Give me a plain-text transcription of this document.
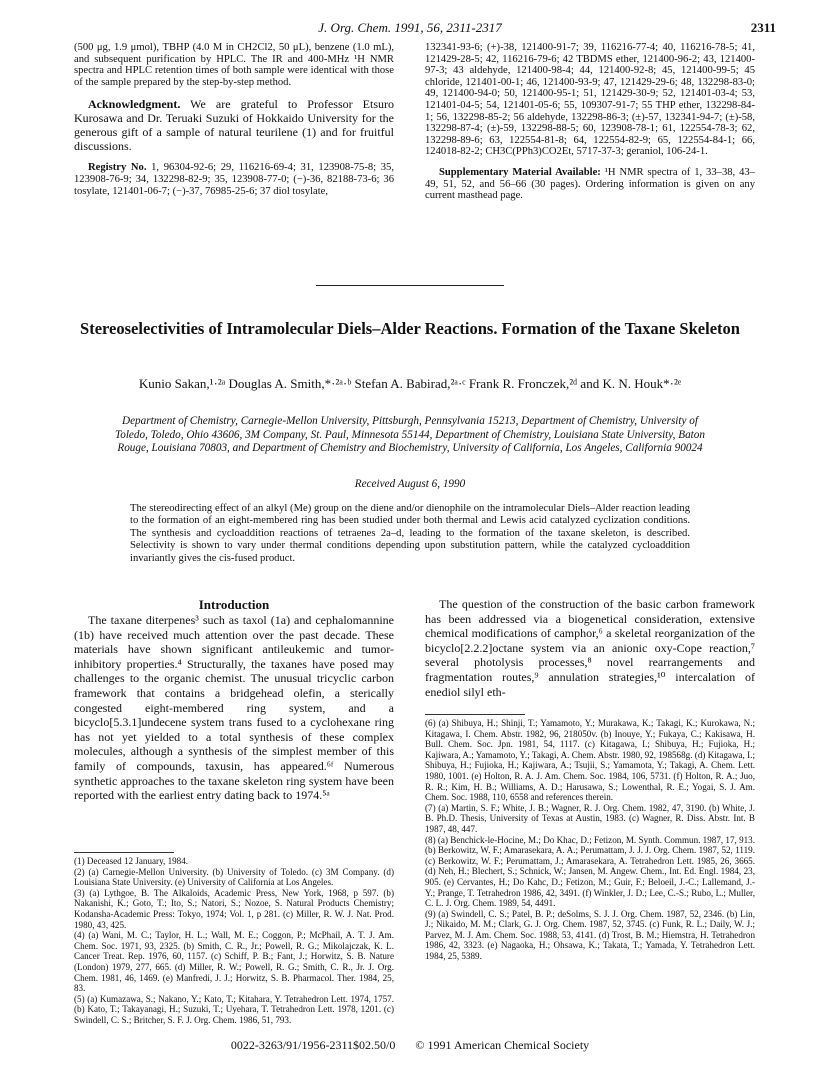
J. Org. Chem. 1991, 56, 2311-2317	2311

(500 μg, 1.9 μmol), TBHP (4.0 M in CH2Cl2, 50 μL), benzene (1.0 mL), and subsequent purification by HPLC. The IR and 400-MHz ¹H NMR spectra and HPLC retention times of both sample were identical with those of the sample prepared by the step-by-step method.

Acknowledgment. We are grateful to Professor Etsuro Kurosawa and Dr. Teruaki Suzuki of Hokkaido University for the generous gift of a sample of natural teurilene (1) and for fruitful discussions.

Registry No. 1, 96304-92-6; 29, 116216-69-4; 31, 123908-75-8; 35, 123908-76-9; 34, 132298-82-9; 35, 123908-77-0; (−)-36, 82188-73-6; 36 tosylate, 121401-06-7; (−)-37, 76985-25-6; 37 diol tosylate,

132341-93-6; (+)-38, 121400-91-7; 39, 116216-77-4; 40, 116216-78-5; 41, 121429-28-5; 42, 116216-79-6; 42 TBDMS ether, 121400-96-2; 43, 121400-97-3; 43 aldehyde, 121400-98-4; 44, 121400-92-8; 45, 121400-99-5; 45 chloride, 121401-00-1; 46, 121400-93-9; 47, 121429-29-6; 48, 132298-83-0; 49, 121400-94-0; 50, 121400-95-1; 51, 121429-30-9; 52, 121401-03-4; 53, 121401-04-5; 54, 121401-05-6; 55, 109307-91-7; 55 THP ether, 132298-84-1; 56, 132298-85-2; 56 aldehyde, 132298-86-3; (±)-57, 132341-94-7; (±)-58, 132298-87-4; (±)-59, 132298-88-5; 60, 123908-78-1; 61, 122554-78-3; 62, 132298-89-6; 63, 122554-81-8; 64, 122554-82-9; 65, 122554-84-1; 66, 124018-82-2; CH3C(PPh3)CO2Et, 5717-37-3; geraniol, 106-24-1.

Supplementary Material Available: ¹H NMR spectra of 1, 33–38, 43–49, 51, 52, and 56–66 (30 pages). Ordering information is given on any current masthead page.

Stereoselectivities of Intramolecular Diels–Alder Reactions. Formation of the Taxane Skeleton
Kunio Sakan,¹·²ᵃ Douglas A. Smith,*·²ᵃ·ᵇ Stefan A. Babirad,²ᵃ·ᶜ Frank R. Fronczek,²ᵈ and K. N. Houk*·²ᵉ
Department of Chemistry, Carnegie-Mellon University, Pittsburgh, Pennsylvania 15213, Department of Chemistry, University of Toledo, Toledo, Ohio 43606, 3M Company, St. Paul, Minnesota 55144, Department of Chemistry, Louisiana State University, Baton Rouge, Louisiana 70803, and Department of Chemistry and Biochemistry, University of California, Los Angeles, California 90024
Received August 6, 1990
The stereodirecting effect of an alkyl (Me) group on the diene and/or dienophile on the intramolecular Diels–Alder reaction leading to the formation of an eight-membered ring has been studied under both thermal and Lewis acid catalyzed cyclization conditions. The synthesis and cycloaddition reactions of tetraenes 2a–d, leading to the formation of the taxane skeleton, is described. Selectivity is shown to vary under thermal conditions depending upon substitution pattern, while the catalyzed cycloaddition invariantly gives the cis-fused product.
Introduction
The taxane diterpenes³ such as taxol (1a) and cephalomannine (1b) have received much attention over the past decade. These materials have shown significant antileukemic and tumor-inhibitory properties.⁴ Structurally, the taxanes have posed may challenges to the organic chemist. The unusual tricyclic carbon framework that contains a bridgehead olefin, a sterically congested eight-membered ring system, and a bicyclo[5.3.1]undecene system trans fused to a cyclohexane ring has not yet yielded to a total synthesis of these complex molecules, although a synthesis of the simplest member of this family of compounds, taxusin, has appeared.⁶ᶠ Numerous synthetic approaches to the taxane skeleton ring system have been reported with the earliest entry dating back to 1974.⁵ᵃ
The question of the construction of the basic carbon framework has been addressed via a biogenetical consideration, extensive chemical modifications of camphor,⁶ a skeletal reorganization of the bicyclo[2.2.2]octane system via an anionic oxy-Cope reaction,⁷ several photolysis processes,⁸ novel rearrangements and fragmentation routes,⁹ annulation strategies,¹⁰ intercalation of enediol silyl eth-

(1) Deceased 12 January, 1984.

(2) (a) Carnegie-Mellon University. (b) University of Toledo. (c) 3M Company. (d) Louisiana State University. (e) University of California at Los Angeles.

(3) (a) Lythgoe, B. The Alkaloids, Academic Press, New York, 1968, p 597. (b) Nakanishi, K.; Goto, T.; Ito, S.; Natori, S.; Nozoe, S. Natural Products Chemistry; Kodansha-Academic Press: Tokyo, 1974; Vol. 1, p 281. (c) Miller, R. W. J. Nat. Prod. 1980, 43, 425.

(4) (a) Wani, M. C.; Taylor, H. L.; Wall, M. E.; Coggon, P.; McPhail, A. T. J. Am. Chem. Soc. 1971, 93, 2325. (b) Smith, C. R., Jr.; Powell, R. G.; Mikolajczak, K. L. Cancer Treat. Rep. 1976, 60, 1157. (c) Schiff, P. B.; Fant, J.; Horwitz, S. B. Nature (London) 1979, 277, 665. (d) Miller, R. W.; Powell, R. G.; Smith, C. R., Jr. J. Org. Chem. 1981, 46, 1469. (e) Manfredi, J. J.; Horwitz, S. B. Pharmacol. Ther. 1984, 25, 83.

(5) (a) Kumazawa, S.; Nakano, Y.; Kato, T.; Kitahara, Y. Tetrahedron Lett. 1974, 1757. (b) Kato, T.; Takayanagi, H.; Suzuki, T.; Uyehara, T. Tetrahedron Lett. 1978, 1201. (c) Swindell, C. S.; Britcher, S. F. J. Org. Chem. 1986, 51, 793.

(6) (a) Shibuya, H.; Shinji, T.; Yamamoto, Y.; Murakawa, K.; Takagi, K.; Kurokawa, N.; Kitagawa, I. Chem. Abstr. 1982, 96, 218050v. (b) Inouye, Y.; Fukaya, C.; Kakisawa, H. Bull. Chem. Soc. Jpn. 1981, 54, 1117. (c) Kitagawa, I.; Shibuya, H.; Fujioka, H.; Kajiwara, A.; Yamamoto, Y.; Takagi, A. Chem. Abstr. 1980, 92, 198568g. (d) Kitagawa, I.; Shibuya, H.; Fujioka, H.; Kajiwara, A.; Tsujii, S.; Yamamota, Y.; Takagi, A. Chem. Lett. 1980, 1001. (e) Holton, R. A. J. Am. Chem. Soc. 1984, 106, 5731. (f) Holton, R. A.; Juo, R. R.; Kim, H. B.; Williams, A. D.; Harusawa, S.; Lowenthal, R. E.; Yogai, S. J. Am. Chem. Soc. 1988, 110, 6558 and references therein.

(7) (a) Martin, S. F.; White, J. B.; Wagner, R. J. Org. Chem. 1982, 47, 3190. (b) White, J. B. Ph.D. Thesis, University of Texas at Austin, 1983. (c) Wagner, R. Diss. Abstr. Int. B 1987, 48, 447.

(8) (a) Benchick-le-Hocine, M.; Do Khac, D.; Fetizon, M. Synth. Commun. 1987, 17, 913. (b) Berkowitz, W. F.; Amarasekara, A. A.; Perumattam, J. J. J. Org. Chem. 1987, 52, 1119. (c) Berkowitz, W. F.; Perumattam, J.; Amarasekara, A. Tetrahedron Lett. 1985, 26, 3665. (d) Neh, H.; Blechert, S.; Schnick, W.; Jansen, M. Angew. Chem., Int. Ed. Engl. 1984, 23, 905. (e) Cervantes, H.; Do Kahc, D.; Fetizon, M.; Guir, F.; Beloeil, J.-C.; Lallemand, J.-Y.; Prange, T. Tetrahedron 1986, 42, 3491. (f) Winkler, J. D.; Lee, C.-S.; Rubo, L.; Muller, C. L. J. Org. Chem. 1989, 54, 4491.

(9) (a) Swindell, C. S.; Patel, B. P.; deSolms, S. J. J. Org. Chem. 1987, 52, 2346. (b) Lin, J.; Nikaido, M. M.; Clark, G. J. Org. Chem. 1987, 52, 3745. (c) Funk, R. L.; Daily, W. J.; Parvez, M. J. Am. Chem. Soc. 1988, 53, 4141. (d) Trost, B. M.; Hiemstra, H. Tetrahedron 1986, 42, 3323. (e) Nagaoka, H.; Ohsawa, K.; Takata, T.; Yamada, Y. Tetrahedron Lett. 1984, 25, 5389.

0022-3263/91/1956-2311$02.50/0 © 1991 American Chemical Society
